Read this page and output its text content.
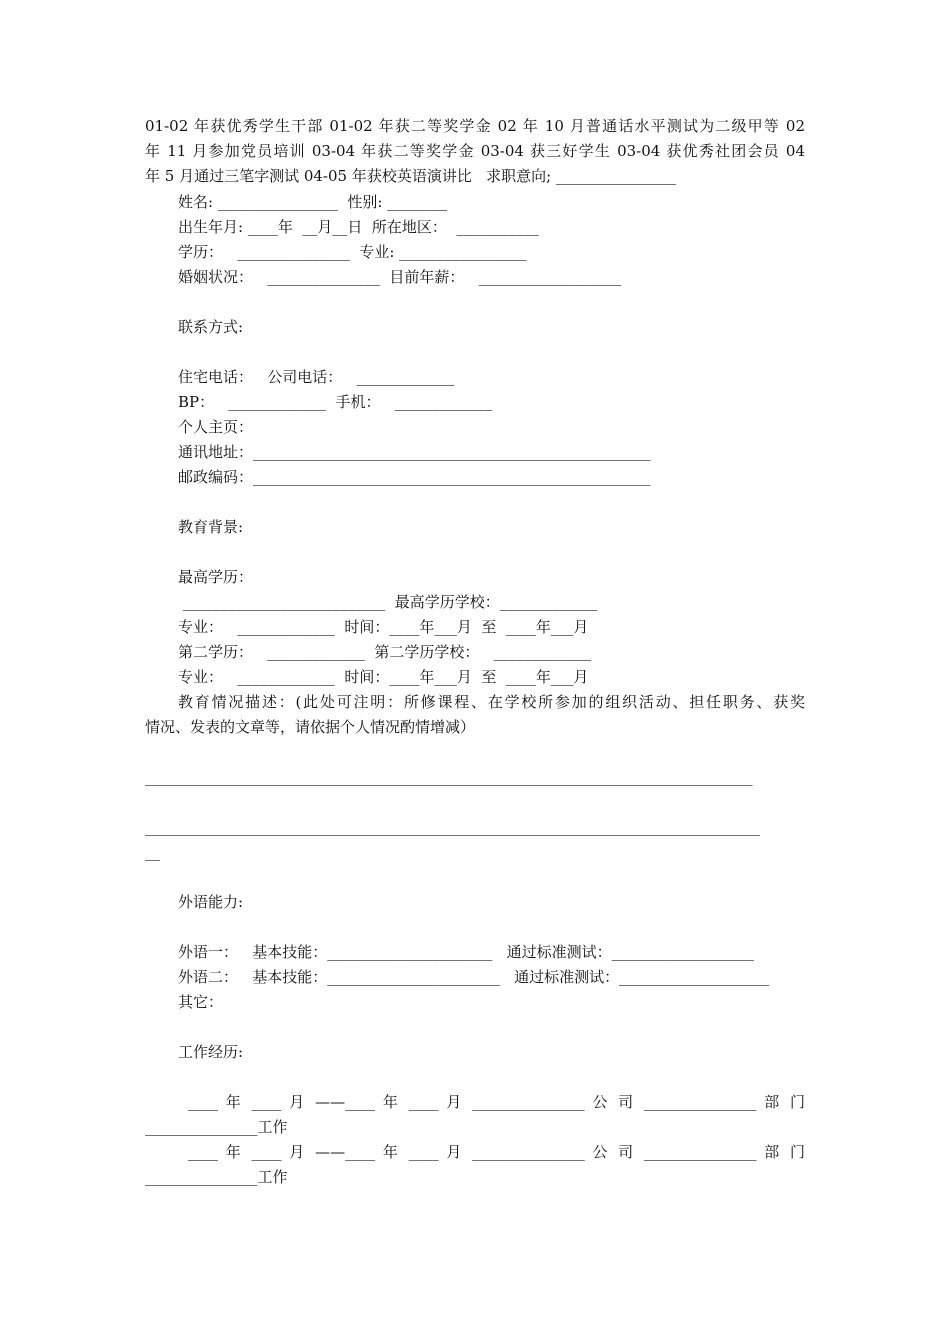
01-02 年获优秀学生干部 01-02 年获二等奖学金 02 年 10 月普通话水平测试为二级甲等 02
年 11 月参加党员培训 03-04 年获二等奖学金 03-04 获三好学生 03-04 获优秀社团会员 04
年 5 月通过三笔字测试 04-05 年获校英语演讲比   求职意向; ________________
姓名: ________________  性别: ________
出生年月: ____年  __月__日  所在地区：  ___________
学历：   _______________  专业: _________________
婚姻状况：   _______________  目前年薪：   ___________________
联系方式:
住宅电话：   公司电话：   _____________
BP：   _____________  手机：   _____________
个人主页：
通讯地址：_____________________________________________________
邮政编码：_____________________________________________________
教育背景:
最高学历：
___________________________  最高学历学校：_____________
专业：   _____________  时间：____年___月  至  ____年___月
第二学历：   _____________  第二学历学校：   _____________
专业：   _____________  时间：____年___月  至  ____年___月
教育情况描述：(此处可注明：所修课程、在学校所参加的组织活动、担任职务、获奖
情况、发表的文章等，请依据个人情况酌情增减）
_________________________________________________________________________________
__________________________________________________________________________________
__
外语能力:
外语一：   基本技能：______________________   通过标准测试：___________________
外语二：   基本技能：_______________________   通过标准测试：____________________
其它：
工作经历:
____ 年 ____ 月 ——____ 年 ____ 月 _______________ 公 司 _______________ 部 门
_______________工作
____ 年 ____ 月 ——____ 年 ____ 月 _______________ 公 司 _______________ 部 门
_______________工作
